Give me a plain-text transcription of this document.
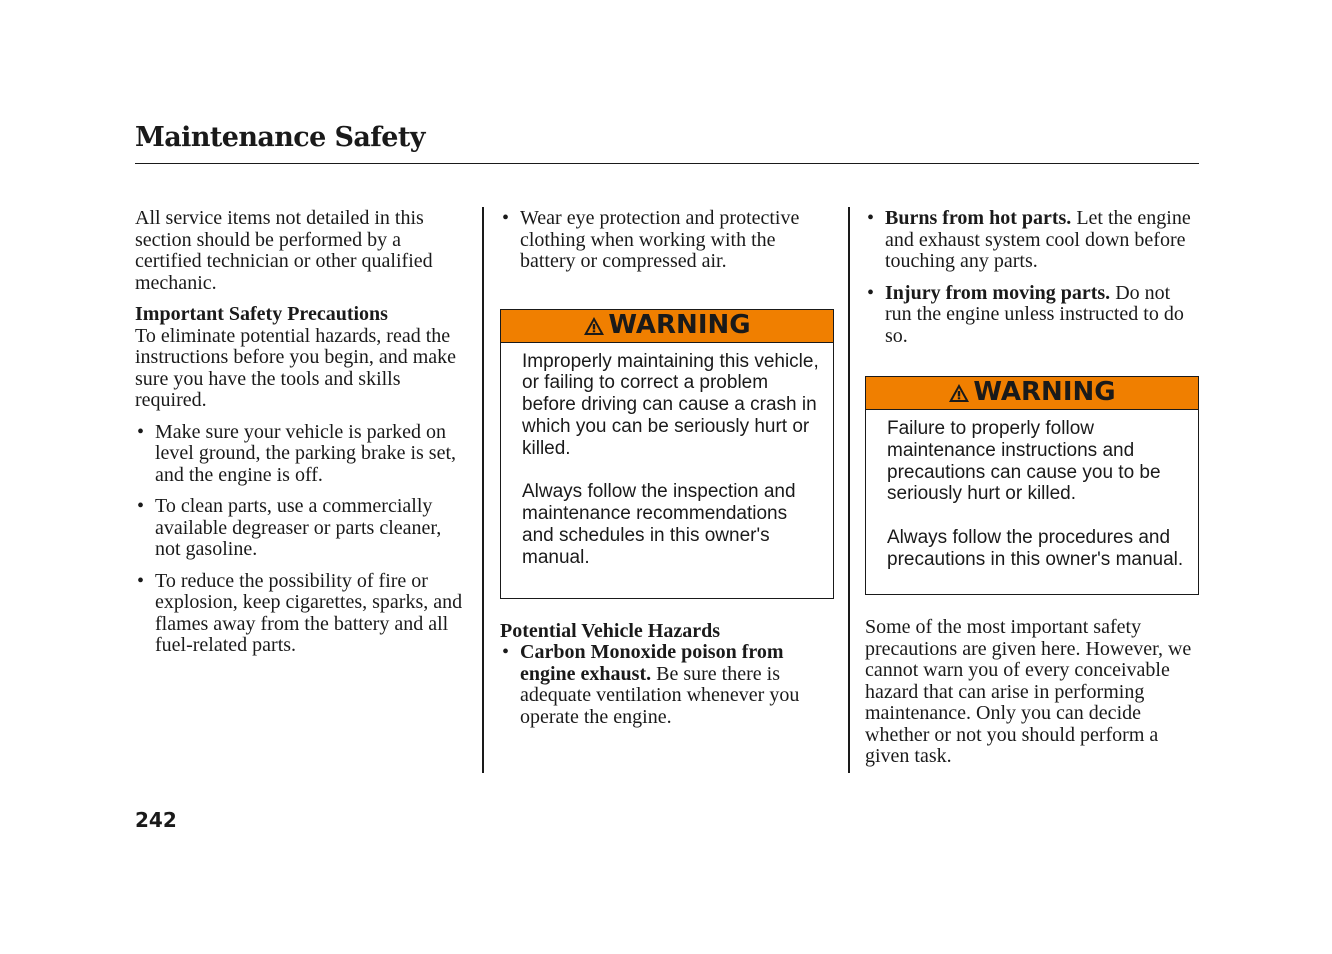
Maintenance Safety

All service items not detailed in this section should be performed by a certified technician or other qualified mechanic.

Important Safety Precautions

To eliminate potential hazards, read the instructions before you begin, and make sure you have the tools and skills required.

• Make sure your vehicle is parked on level ground, the parking brake is set, and the engine is off.
• To clean parts, use a commercially available degreaser or parts cleaner, not gasoline.
• To reduce the possibility of fire or explosion, keep cigarettes, sparks, and flames away from the battery and all fuel-related parts.
• Wear eye protection and protective clothing when working with the battery or compressed air.
WARNING

Improperly maintaining this vehicle, or failing to correct a problem before driving can cause a crash in which you can be seriously hurt or killed.

Always follow the inspection and maintenance recommendations and schedules in this owner's manual.

Potential Vehicle Hazards

• Carbon Monoxide poison from engine exhaust. Be sure there is adequate ventilation whenever you operate the engine.
• Burns from hot parts. Let the engine and exhaust system cool down before touching any parts.
• Injury from moving parts. Do not run the engine unless instructed to do so.
WARNING

Failure to properly follow maintenance instructions and precautions can cause you to be seriously hurt or killed.

Always follow the procedures and precautions in this owner's manual.

Some of the most important safety precautions are given here. However, we cannot warn you of every conceivable hazard that can arise in performing maintenance. Only you can decide whether or not you should perform a given task.

242
